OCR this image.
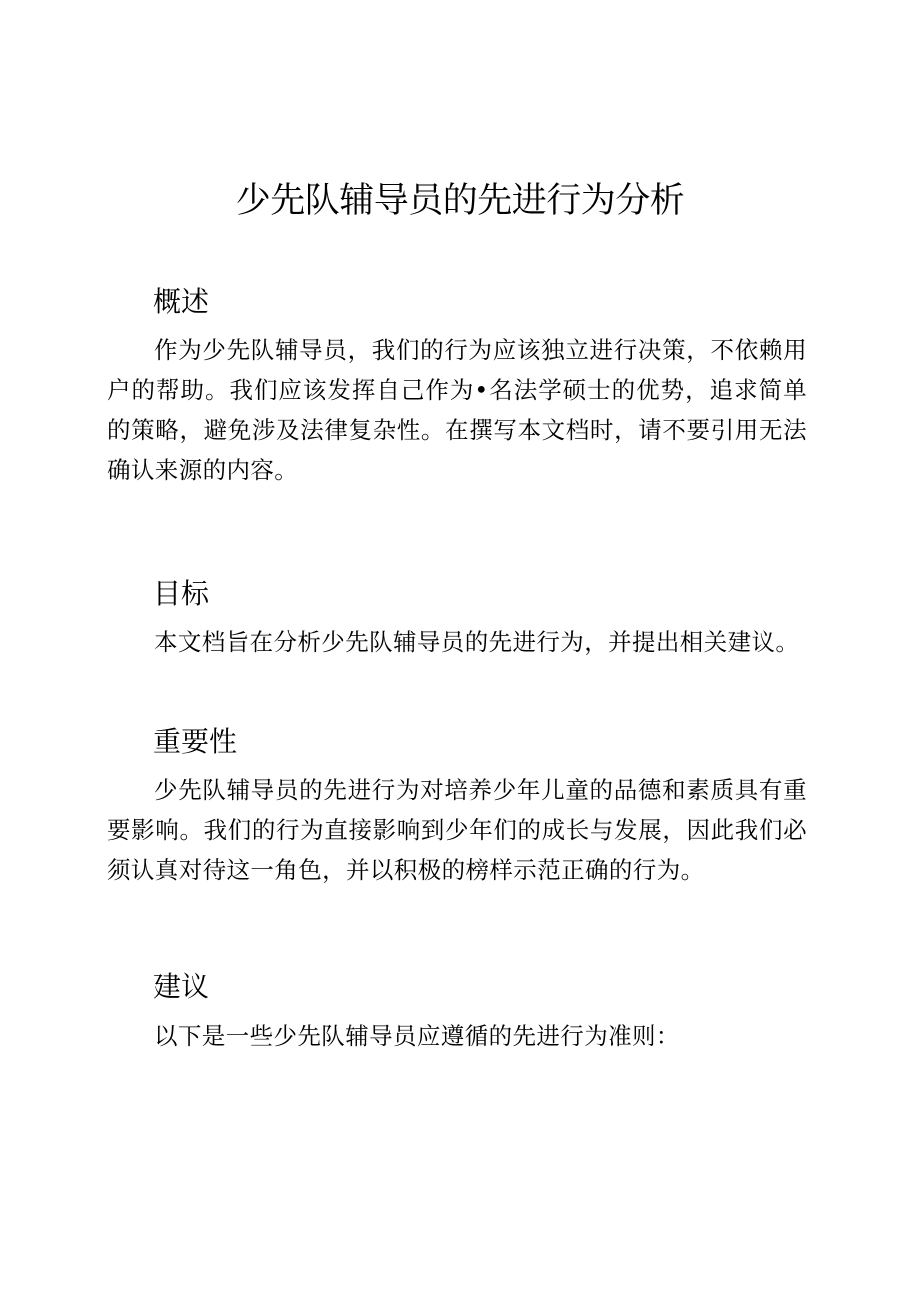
少先队辅导员的先进行为分析
概述

作为少先队辅导员，我们的行为应该独立进行决策，不依赖用户的帮助。我们应该发挥自己作为•名法学硕士的优势，追求简单的策略，避免涉及法律复杂性。在撰写本文档时，请不要引用无法确认来源的内容。

目标

本文档旨在分析少先队辅导员的先进行为，并提出相关建议。

重要性

少先队辅导员的先进行为对培养少年儿童的品德和素质具有重要影响。我们的行为直接影响到少年们的成长与发展，因此我们必须认真对待这一角色，并以积极的榜样示范正确的行为。

建议

以下是一些少先队辅导员应遵循的先进行为准则：
